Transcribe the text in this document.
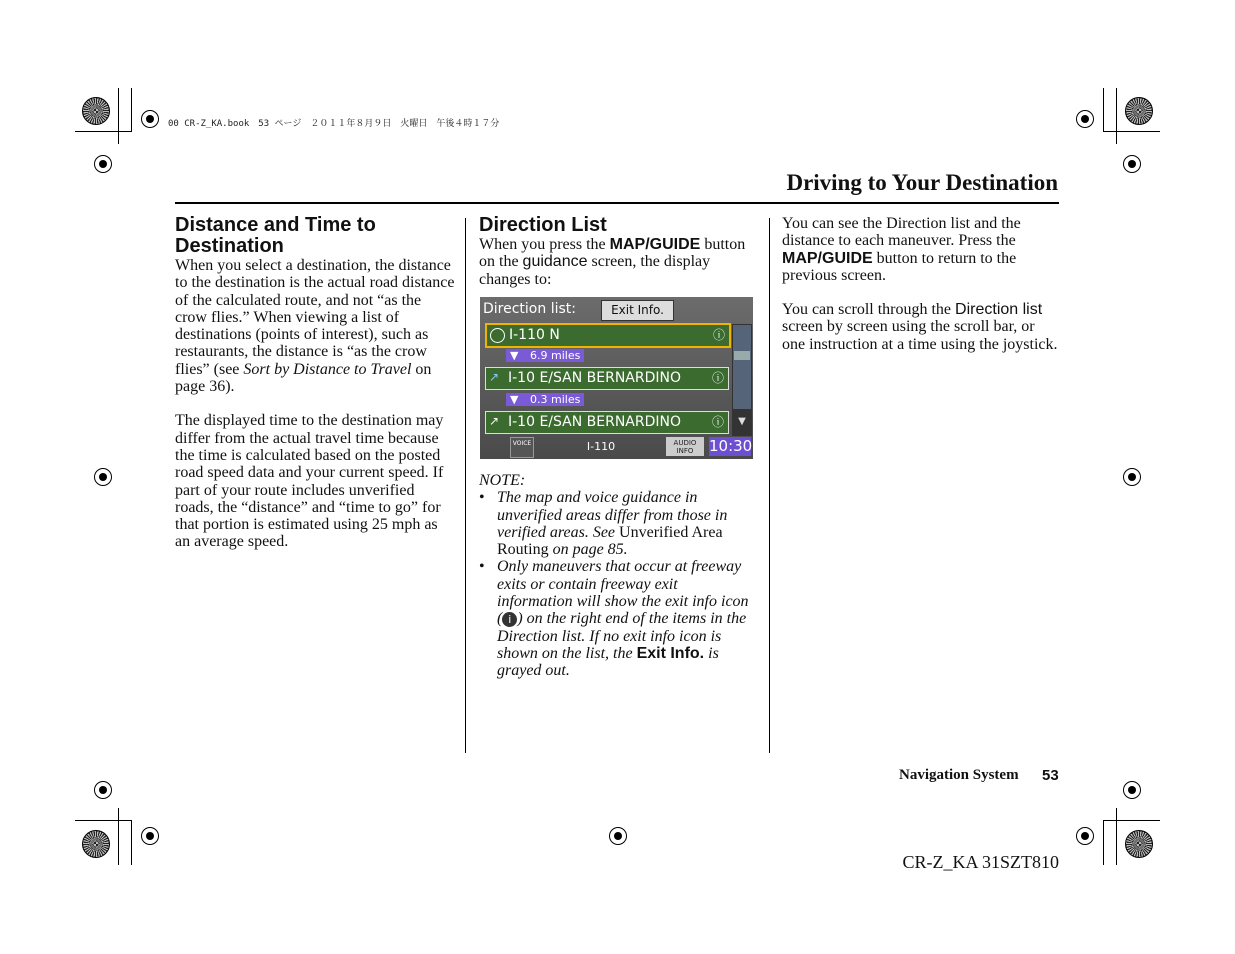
00 CR-Z_KA.book　53 ページ　２０１１年８月９日　火曜日　午後４時１７分
Driving to Your Destination
Distance and Time to Destination

When you select a destination, the distance to the destination is the actual road distance of the calculated route, and not “as the crow flies.” When viewing a list of destinations (points of interest), such as restaurants, the distance is “as the crow flies” (see Sort by Distance to Travel on page 36).

The displayed time to the destination may differ from the actual travel time because the time is calculated based on the posted road speed data and your current speed. If part of your route includes unverified roads, the “distance” and “time to go” for that portion is estimated using 25 mph as an average speed.

Direction List

When you press the MAP/GUIDE button on the guidance screen, the display changes to:

Direction list:	Exit Info.
I-110 N	ⓘ
▼ 6.9 miles
↗ I-10 E/SAN BERNARDINO	ⓘ
▼ 0.3 miles
↗ I-10 E/SAN BERNARDINO	ⓘ	▼
VOICE	I-110 N
AUDIO INFO	10:30
NOTE:
• The map and voice guidance in unverified areas differ from those in verified areas. See Unverified Area Routing on page 85.
• Only maneuvers that occur at freeway exits or contain freeway exit information will show the exit info icon ( i ) on the right end of the items in the Direction list. If no exit info icon is shown on the list, the Exit Info. is grayed out.

You can see the Direction list and the distance to each maneuver. Press the MAP/GUIDE button to return to the previous screen.

You can scroll through the Direction list screen by screen using the scroll bar, or one instruction at a time using the joystick.

Navigation System 53
CR-Z_KA 31SZT810
